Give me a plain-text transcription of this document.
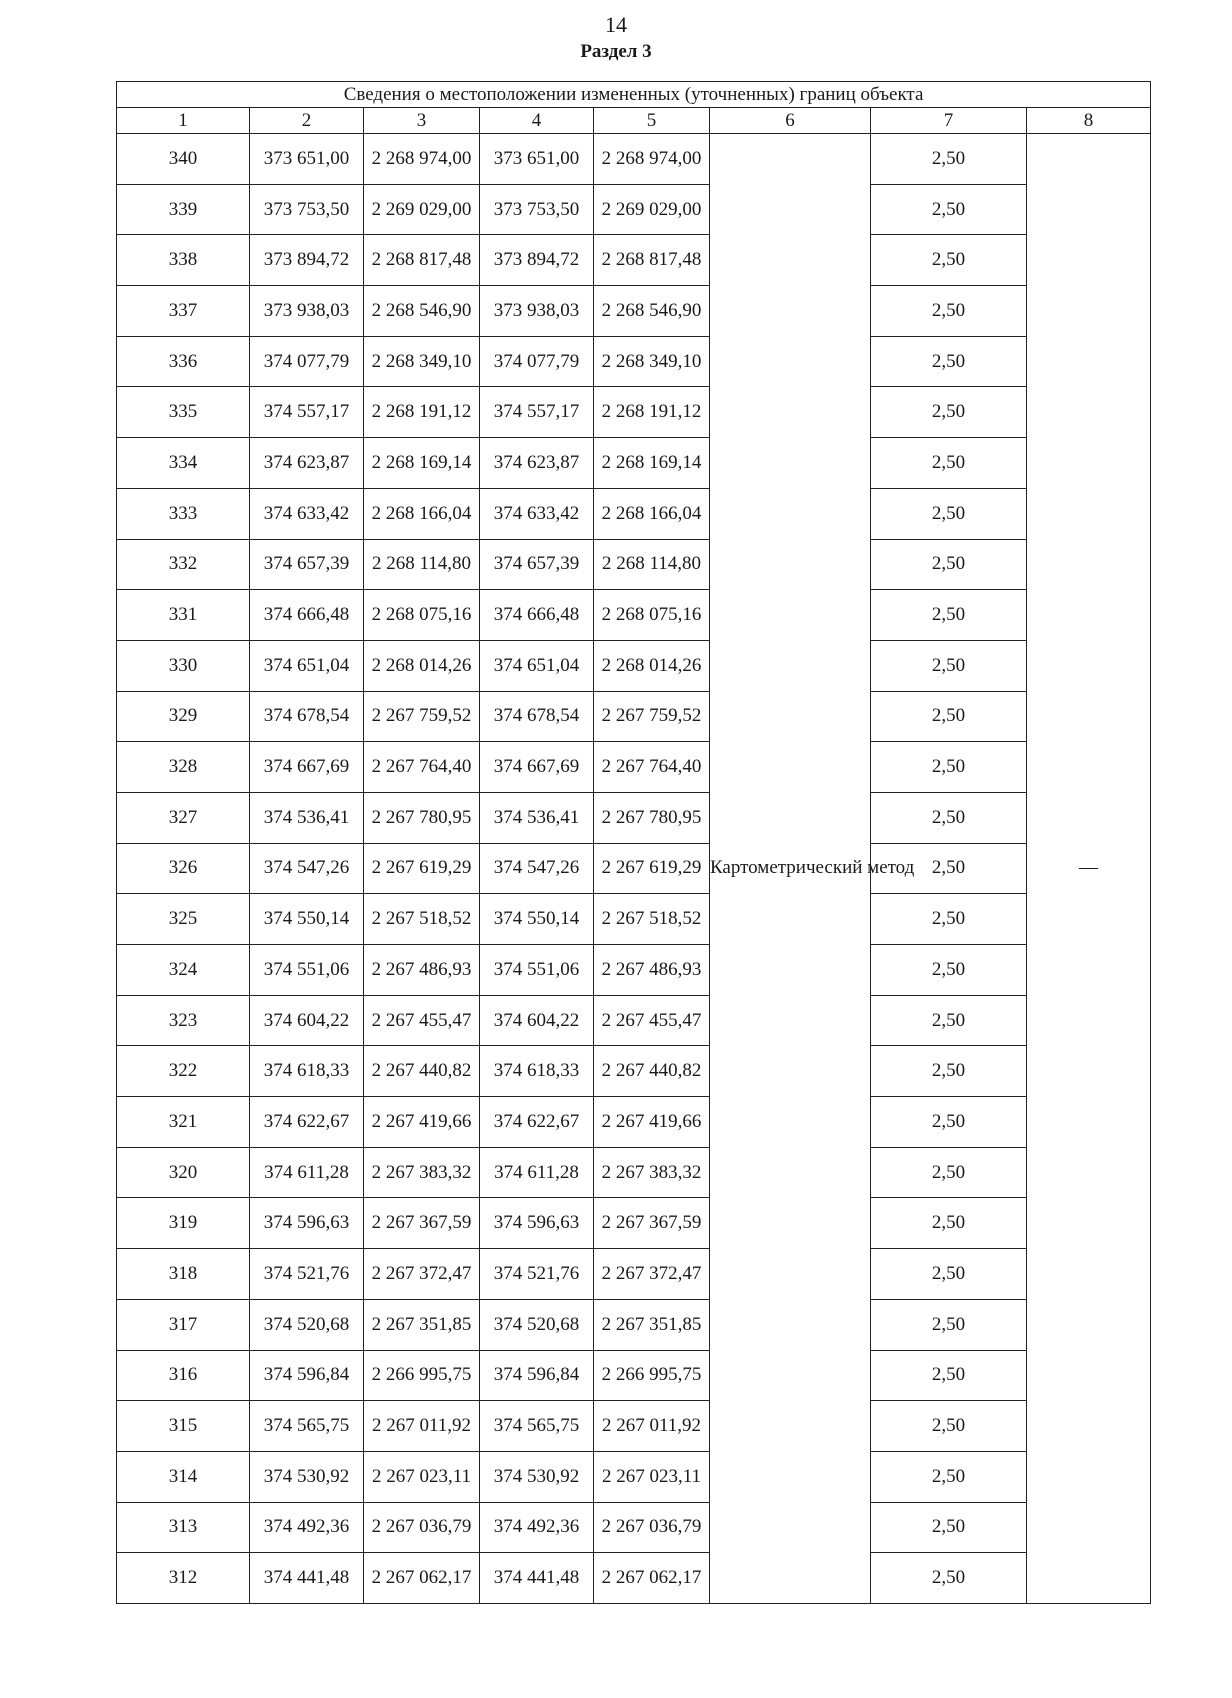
14
Раздел 3
Сведения о местоположении измененных (уточненных) границ объекта							
1	2	3	4	5	6	7	8
340	373 651,00	2 268 974,00	373 651,00	2 268 974,00	Картометрический метод	2,50	—
339	373 753,50	2 269 029,00	373 753,50	2 269 029,00		2,50	
338	373 894,72	2 268 817,48	373 894,72	2 268 817,48		2,50	
337	373 938,03	2 268 546,90	373 938,03	2 268 546,90		2,50	
336	374 077,79	2 268 349,10	374 077,79	2 268 349,10		2,50	
335	374 557,17	2 268 191,12	374 557,17	2 268 191,12		2,50	
334	374 623,87	2 268 169,14	374 623,87	2 268 169,14		2,50	
333	374 633,42	2 268 166,04	374 633,42	2 268 166,04		2,50	
332	374 657,39	2 268 114,80	374 657,39	2 268 114,80		2,50	
331	374 666,48	2 268 075,16	374 666,48	2 268 075,16		2,50	
330	374 651,04	2 268 014,26	374 651,04	2 268 014,26		2,50	
329	374 678,54	2 267 759,52	374 678,54	2 267 759,52		2,50	
328	374 667,69	2 267 764,40	374 667,69	2 267 764,40		2,50	
327	374 536,41	2 267 780,95	374 536,41	2 267 780,95		2,50	
326	374 547,26	2 267 619,29	374 547,26	2 267 619,29		2,50	
325	374 550,14	2 267 518,52	374 550,14	2 267 518,52		2,50	
324	374 551,06	2 267 486,93	374 551,06	2 267 486,93		2,50	
323	374 604,22	2 267 455,47	374 604,22	2 267 455,47		2,50	
322	374 618,33	2 267 440,82	374 618,33	2 267 440,82		2,50	
321	374 622,67	2 267 419,66	374 622,67	2 267 419,66		2,50	
320	374 611,28	2 267 383,32	374 611,28	2 267 383,32		2,50	
319	374 596,63	2 267 367,59	374 596,63	2 267 367,59		2,50	
318	374 521,76	2 267 372,47	374 521,76	2 267 372,47		2,50	
317	374 520,68	2 267 351,85	374 520,68	2 267 351,85		2,50	
316	374 596,84	2 266 995,75	374 596,84	2 266 995,75		2,50	
315	374 565,75	2 267 011,92	374 565,75	2 267 011,92		2,50	
314	374 530,92	2 267 023,11	374 530,92	2 267 023,11		2,50	
313	374 492,36	2 267 036,79	374 492,36	2 267 036,79		2,50	
312	374 441,48	2 267 062,17	374 441,48	2 267 062,17		2,50	
